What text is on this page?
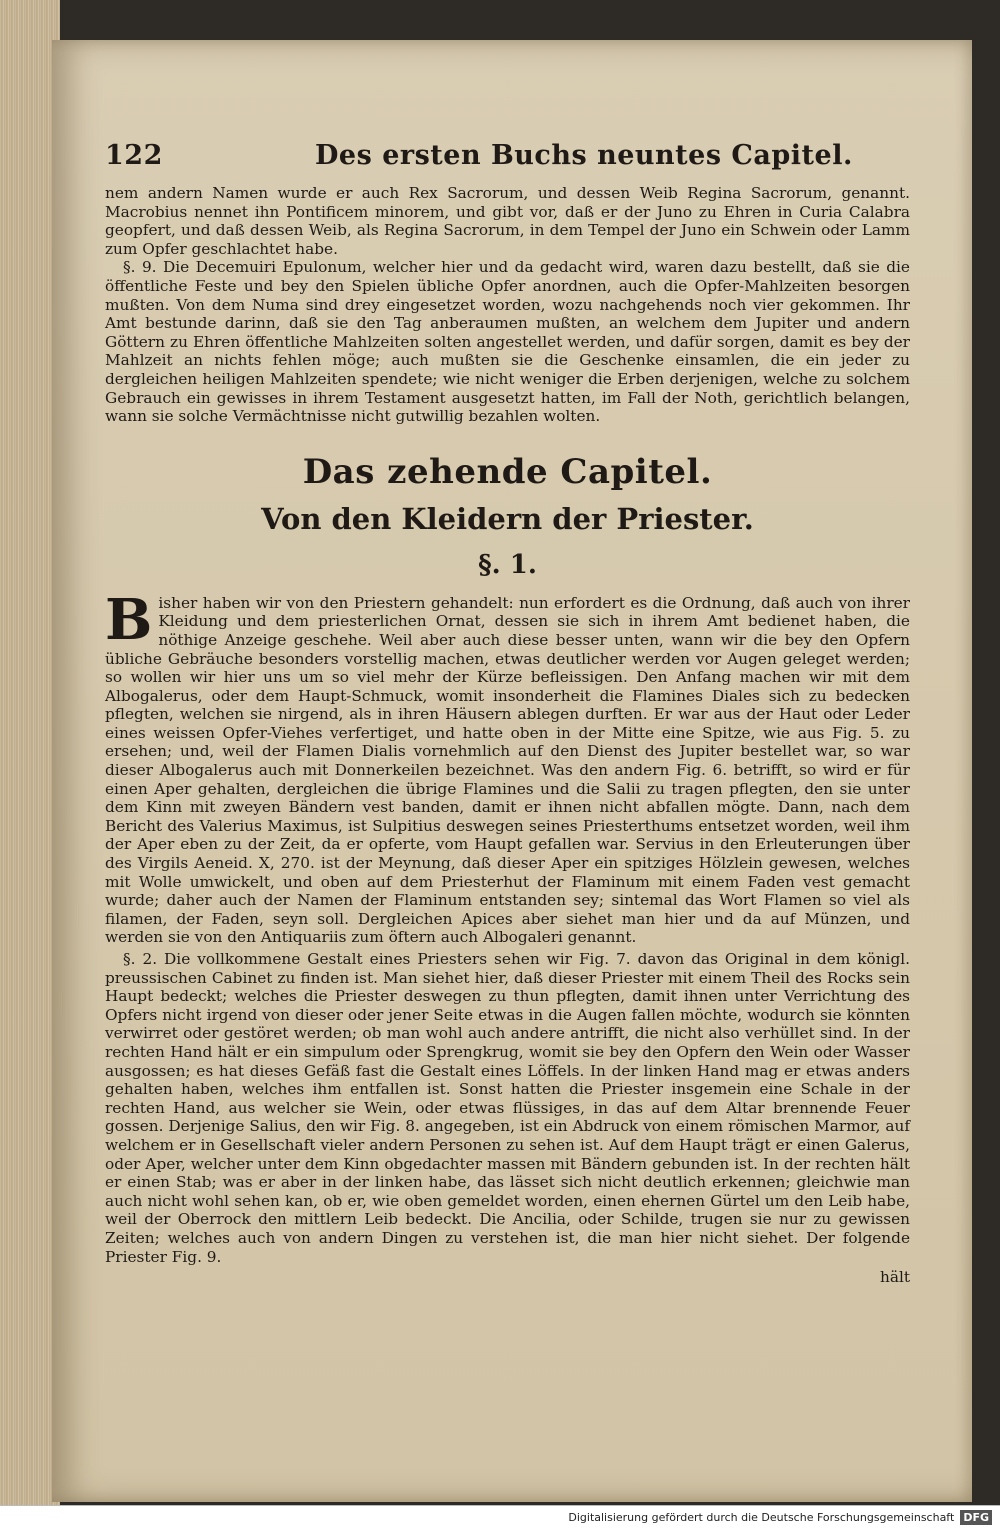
122	Des ersten Buchs neuntes Capitel.

nem andern Namen wurde er auch Rex Sacrorum, und dessen Weib Regina Sacrorum, genannt. Macrobius nennet ihn Pontificem minorem, und gibt vor, daß er der Juno zu Ehren in Curia Calabra geopfert, und daß dessen Weib, als Regina Sacrorum, in dem Tempel der Juno ein Schwein oder Lamm zum Opfer geschlachtet habe.

§. 9. Die Decemuiri Epulonum, welcher hier und da gedacht wird, waren dazu bestellt, daß sie die öffentliche Feste und bey den Spielen übliche Opfer anordnen, auch die Opfer-Mahlzeiten besorgen mußten. Von dem Numa sind drey eingesetzet worden, wozu nachgehends noch vier gekommen. Ihr Amt bestunde darinn, daß sie den Tag anberaumen mußten, an welchem dem Jupiter und andern Göttern zu Ehren öffentliche Mahlzeiten solten angestellet werden, und dafür sorgen, damit es bey der Mahlzeit an nichts fehlen möge; auch mußten sie die Geschenke einsamlen, die ein jeder zu dergleichen heiligen Mahlzeiten spendete; wie nicht weniger die Erben derjenigen, welche zu solchem Gebrauch ein gewisses in ihrem Testament ausgesetzt hatten, im Fall der Noth, gerichtlich belangen, wann sie solche Vermächtnisse nicht gutwillig bezahlen wolten.

Das zehende Capitel.
Von den Kleidern der Priester.
§. 1.

Bisher haben wir von den Priestern gehandelt: nun erfordert es die Ordnung, daß auch von ihrer Kleidung und dem priesterlichen Ornat, dessen sie sich in ihrem Amt bedienet haben, die nöthige Anzeige geschehe. Weil aber auch diese besser unten, wann wir die bey den Opfern übliche Gebräuche besonders vorstellig machen, etwas deutlicher werden vor Augen geleget werden; so wollen wir hier uns um so viel mehr der Kürze befleissigen. Den Anfang machen wir mit dem Albogalerus, oder dem Haupt-Schmuck, womit insonderheit die Flamines Diales sich zu bedecken pflegten, welchen sie nirgend, als in ihren Häusern ablegen durften. Er war aus der Haut oder Leder eines weissen Opfer-Viehes verfertiget, und hatte oben in der Mitte eine Spitze, wie aus Fig. 5. zu ersehen; und, weil der Flamen Dialis vornehmlich auf den Dienst des Jupiter bestellet war, so war dieser Albogalerus auch mit Donnerkeilen bezeichnet. Was den andern Fig. 6. betrifft, so wird er für einen Aper gehalten, dergleichen die übrige Flamines und die Salii zu tragen pflegten, den sie unter dem Kinn mit zweyen Bändern vest banden, damit er ihnen nicht abfallen mögte. Dann, nach dem Bericht des Valerius Maximus, ist Sulpitius deswegen seines Priesterthums entsetzet worden, weil ihm der Aper eben zu der Zeit, da er opferte, vom Haupt gefallen war. Servius in den Erleuterungen über des Virgils Aeneid. X, 270. ist der Meynung, daß dieser Aper ein spitziges Hölzlein gewesen, welches mit Wolle umwickelt, und oben auf dem Priesterhut der Flaminum mit einem Faden vest gemacht wurde; daher auch der Namen der Flaminum entstanden sey; sintemal das Wort Flamen so viel als filamen, der Faden, seyn soll. Dergleichen Apices aber siehet man hier und da auf Münzen, und werden sie von den Antiquariis zum öftern auch Albogaleri genannt.

§. 2. Die vollkommene Gestalt eines Priesters sehen wir Fig. 7. davon das Original in dem königl. preussischen Cabinet zu finden ist. Man siehet hier, daß dieser Priester mit einem Theil des Rocks sein Haupt bedeckt; welches die Priester deswegen zu thun pflegten, damit ihnen unter Verrichtung des Opfers nicht irgend von dieser oder jener Seite etwas in die Augen fallen möchte, wodurch sie könnten verwirret oder gestöret werden; ob man wohl auch andere antrifft, die nicht also verhüllet sind. In der rechten Hand hält er ein simpulum oder Sprengkrug, womit sie bey den Opfern den Wein oder Wasser ausgossen; es hat dieses Gefäß fast die Gestalt eines Löffels. In der linken Hand mag er etwas anders gehalten haben, welches ihm entfallen ist. Sonst hatten die Priester insgemein eine Schale in der rechten Hand, aus welcher sie Wein, oder etwas flüssiges, in das auf dem Altar brennende Feuer gossen. Derjenige Salius, den wir Fig. 8. angegeben, ist ein Abdruck von einem römischen Marmor, auf welchem er in Gesellschaft vieler andern Personen zu sehen ist. Auf dem Haupt trägt er einen Galerus, oder Aper, welcher unter dem Kinn obgedachter massen mit Bändern gebunden ist. In der rechten hält er einen Stab; was er aber in der linken habe, das lässet sich nicht deutlich erkennen; gleichwie man auch nicht wohl sehen kan, ob er, wie oben gemeldet worden, einen ehernen Gürtel um den Leib habe, weil der Oberrock den mittlern Leib bedeckt. Die Ancilia, oder Schilde, trugen sie nur zu gewissen Zeiten; welches auch von andern Dingen zu verstehen ist, die man hier nicht siehet. Der folgende Priester Fig. 9.

hält
Digitalisierung gefördert durch die Deutsche Forschungsgemeinschaft DFG
